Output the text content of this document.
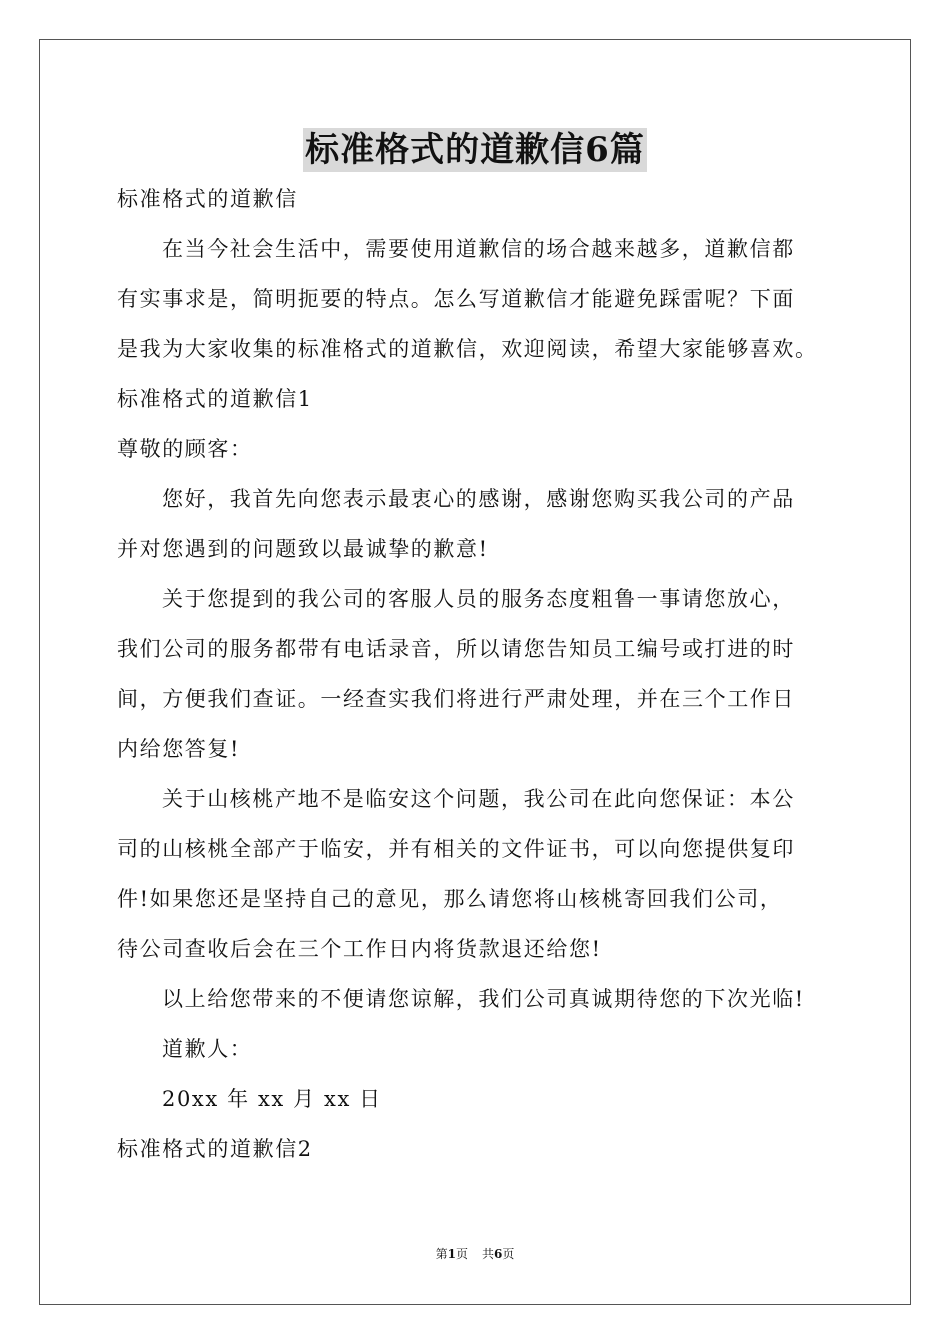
标准格式的道歉信6篇
标准格式的道歉信
在当今社会生活中，需要使用道歉信的场合越来越多，道歉信都
有实事求是，简明扼要的特点。怎么写道歉信才能避免踩雷呢？下面
是我为大家收集的标准格式的道歉信，欢迎阅读，希望大家能够喜欢。
标准格式的道歉信1
尊敬的顾客：
您好，我首先向您表示最衷心的感谢，感谢您购买我公司的产品
并对您遇到的问题致以最诚挚的歉意!
关于您提到的我公司的客服人员的服务态度粗鲁一事请您放心，
我们公司的服务都带有电话录音，所以请您告知员工编号或打进的时
间，方便我们查证。一经查实我们将进行严肃处理，并在三个工作日
内给您答复!
关于山核桃产地不是临安这个问题，我公司在此向您保证：本公
司的山核桃全部产于临安，并有相关的文件证书，可以向您提供复印
件!如果您还是坚持自己的意见，那么请您将山核桃寄回我们公司，
待公司查收后会在三个工作日内将货款退还给您!
以上给您带来的不便请您谅解，我们公司真诚期待您的下次光临!
道歉人：
20xx 年 xx 月 xx 日
标准格式的道歉信2
第1页 共6页
